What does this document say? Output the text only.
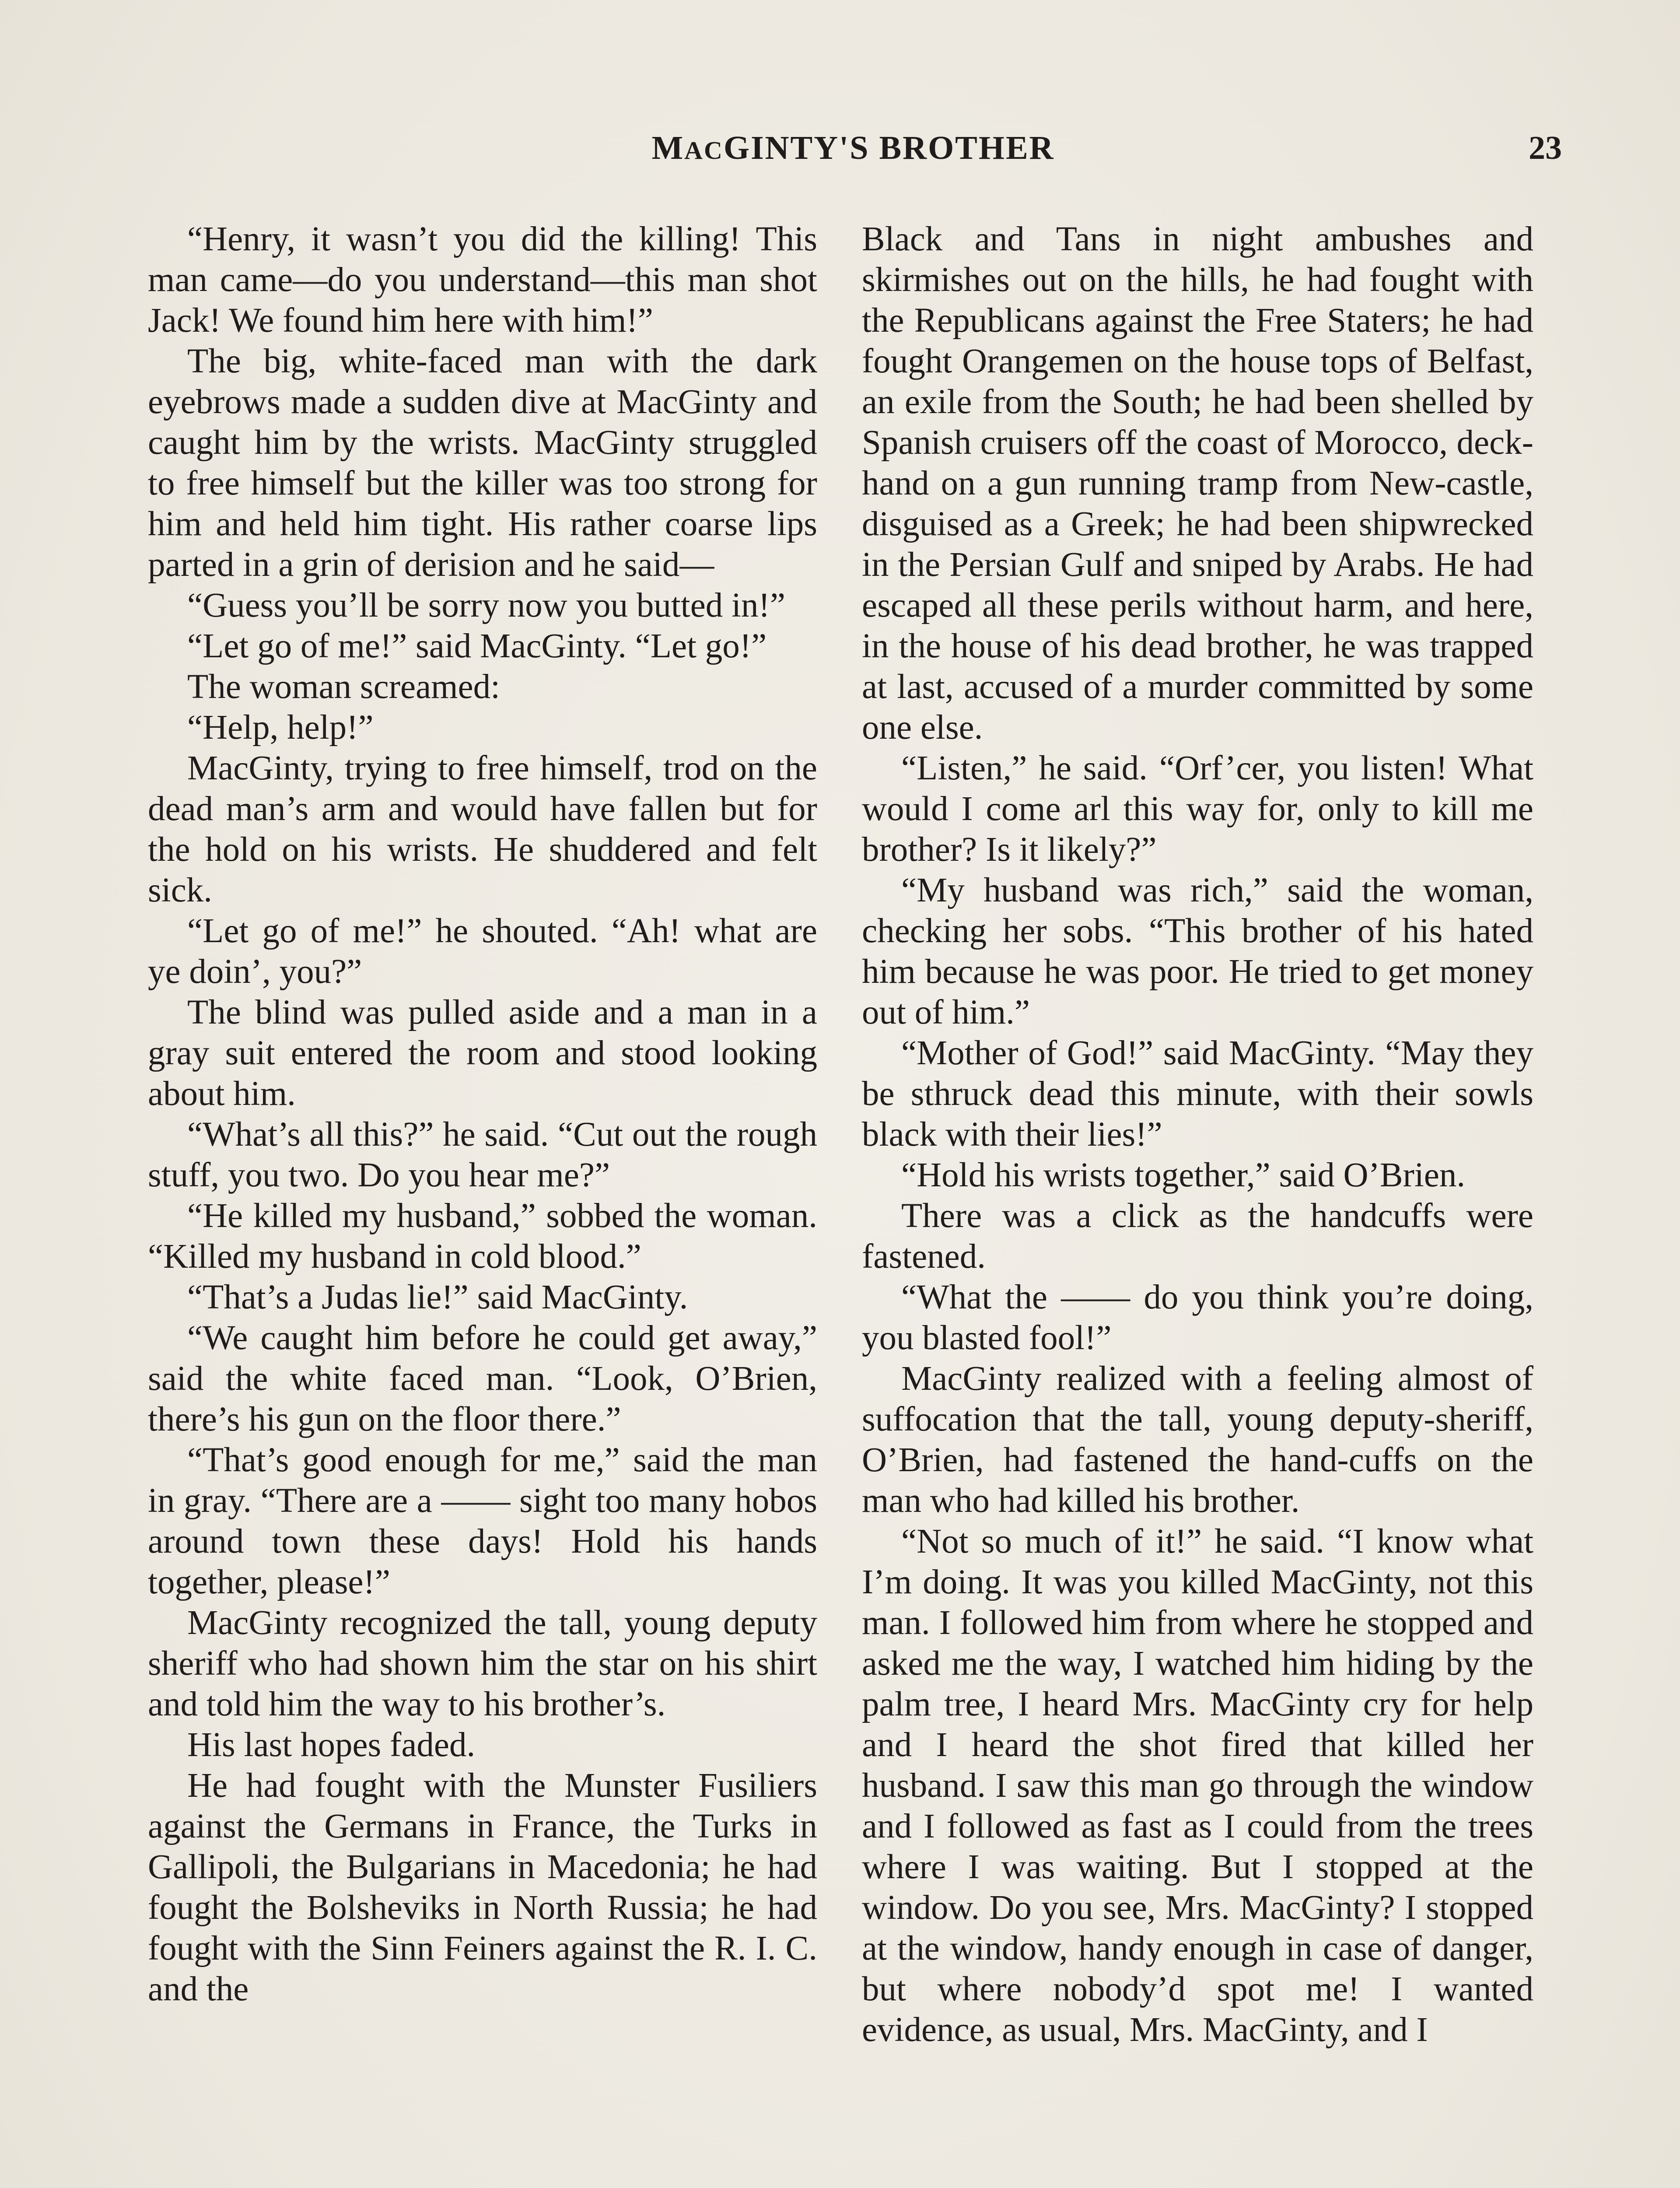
MACGINTY'S BROTHER	23

“Henry, it wasn’t you did the killing! This man came—do you understand—this man shot Jack! We found him here with him!”

The big, white-faced man with the dark eyebrows made a sudden dive at MacGinty and caught him by the wrists. MacGinty struggled to free himself but the killer was too strong for him and held him tight. His rather coarse lips parted in a grin of derision and he said—

“Guess you’ll be sorry now you butted in!”

“Let go of me!” said MacGinty. “Let go!”

The woman screamed:

“Help, help!”

MacGinty, trying to free himself, trod on the dead man’s arm and would have fallen but for the hold on his wrists. He shuddered and felt sick.

“Let go of me!” he shouted. “Ah! what are ye doin’, you?”

The blind was pulled aside and a man in a gray suit entered the room and stood looking about him.

“What’s all this?” he said. “Cut out the rough stuff, you two. Do you hear me?”

“He killed my husband,” sobbed the woman. “Killed my husband in cold blood.”

“That’s a Judas lie!” said MacGinty.

“We caught him before he could get away,” said the white faced man. “Look, O’Brien, there’s his gun on the floor there.”

“That’s good enough for me,” said the man in gray. “There are a —— sight too many hobos around town these days! Hold his hands together, please!”

MacGinty recognized the tall, young deputy sheriff who had shown him the star on his shirt and told him the way to his brother’s.

His last hopes faded.

He had fought with the Munster Fusiliers against the Germans in France, the Turks in Gallipoli, the Bulgarians in Macedonia; he had fought the Bolsheviks in North Russia; he had fought with the Sinn Feiners against the R. I. C. and the

Black and Tans in night ambushes and skirmishes out on the hills, he had fought with the Republicans against the Free Staters; he had fought Orangemen on the house tops of Belfast, an exile from the South; he had been shelled by Spanish cruisers off the coast of Morocco, deck-hand on a gun running tramp from New-castle, disguised as a Greek; he had been shipwrecked in the Persian Gulf and sniped by Arabs. He had escaped all these perils without harm, and here, in the house of his dead brother, he was trapped at last, accused of a murder committed by some one else.

“Listen,” he said. “Orf’cer, you listen! What would I come arl this way for, only to kill me brother? Is it likely?”

“My husband was rich,” said the woman, checking her sobs. “This brother of his hated him because he was poor. He tried to get money out of him.”

“Mother of God!” said MacGinty. “May they be sthruck dead this minute, with their sowls black with their lies!”

“Hold his wrists together,” said O’Brien.

There was a click as the handcuffs were fastened.

“What the —— do you think you’re doing, you blasted fool!”

MacGinty realized with a feeling almost of suffocation that the tall, young deputy-sheriff, O’Brien, had fastened the hand-cuffs on the man who had killed his brother.

“Not so much of it!” he said. “I know what I’m doing. It was you killed MacGinty, not this man. I followed him from where he stopped and asked me the way, I watched him hiding by the palm tree, I heard Mrs. MacGinty cry for help and I heard the shot fired that killed her husband. I saw this man go through the window and I followed as fast as I could from the trees where I was waiting. But I stopped at the window. Do you see, Mrs. MacGinty? I stopped at the window, handy enough in case of danger, but where nobody’d spot me! I wanted evidence, as usual, Mrs. MacGinty, and I
